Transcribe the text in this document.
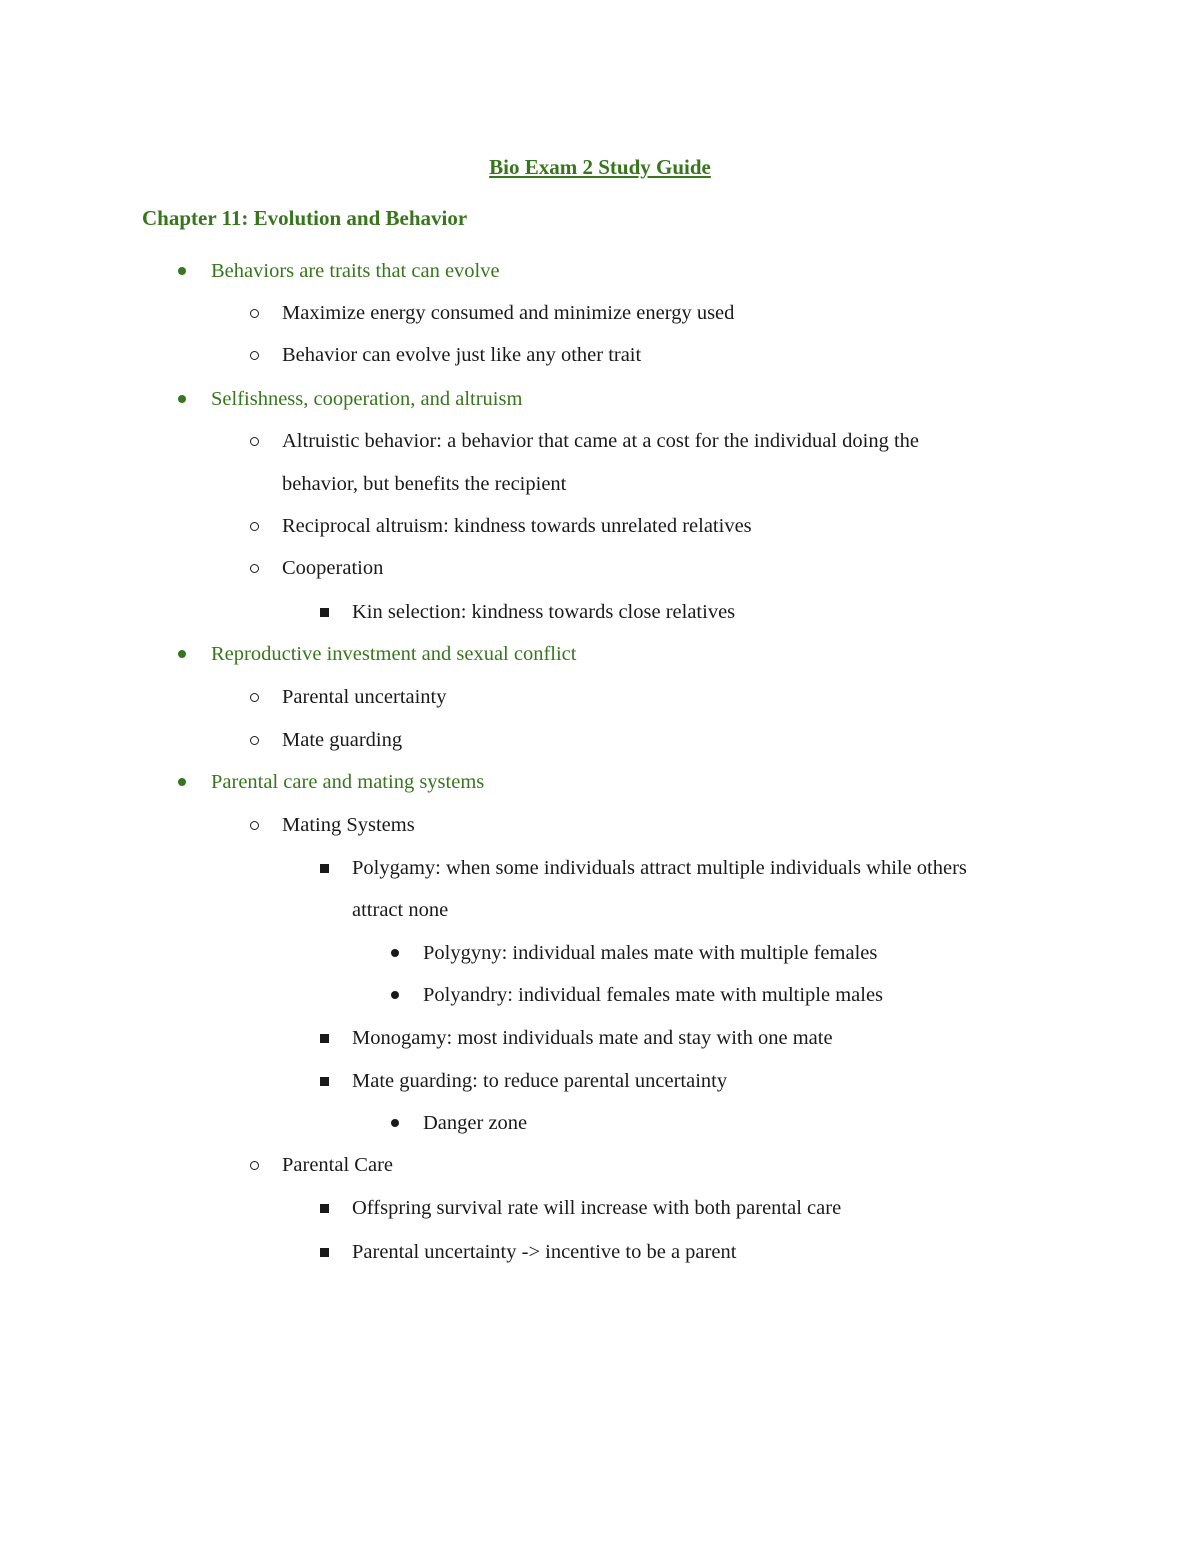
Bio Exam 2 Study Guide
Chapter 11: Evolution and Behavior
Behaviors are traits that can evolve
Maximize energy consumed and minimize energy used
Behavior can evolve just like any other trait
Selfishness, cooperation, and altruism
Altruistic behavior: a behavior that came at a cost for the individual doing the
behavior, but benefits the recipient
Reciprocal altruism: kindness towards unrelated relatives
Cooperation
Kin selection: kindness towards close relatives
Reproductive investment and sexual conflict
Parental uncertainty
Mate guarding
Parental care and mating systems
Mating Systems
Polygamy: when some individuals attract multiple individuals while others
attract none
Polygyny: individual males mate with multiple females
Polyandry: individual females mate with multiple males
Monogamy: most individuals mate and stay with one mate
Mate guarding: to reduce parental uncertainty
Danger zone
Parental Care
Offspring survival rate will increase with both parental care
Parental uncertainty -> incentive to be a parent
